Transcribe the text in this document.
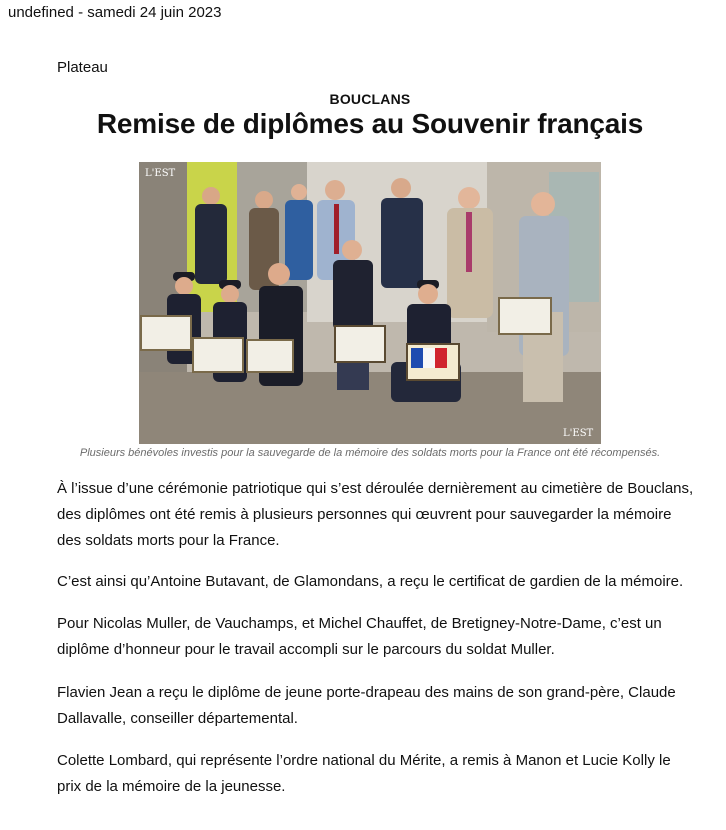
undefined - samedi 24 juin 2023
Plateau
BOUCLANS
Remise de diplômes au Souvenir français
L'EST
L'EST
Plusieurs bénévoles investis pour la sauvegarde de la mémoire des soldats morts pour la France ont été récompensés.

À l’issue d’une cérémonie patriotique qui s’est déroulée dernièrement au cimetière de Bouclans, des diplômes ont été remis à plusieurs personnes qui œuvrent pour sauvegarder la mémoire des soldats morts pour la France.

C’est ainsi qu’Antoine Butavant, de Glamondans, a reçu le certificat de gardien de la mémoire.

Pour Nicolas Muller, de Vauchamps, et Michel Chauffet, de Bretigney-Notre-Dame, c’est un diplôme d’honneur pour le travail accompli sur le parcours du soldat Muller.

Flavien Jean a reçu le diplôme de jeune porte-drapeau des mains de son grand-père, Claude Dallavalle, conseiller départemental.

Colette Lombard, qui représente l’ordre national du Mérite, a remis à Manon et Lucie Kolly le prix de la mémoire de la jeunesse.
